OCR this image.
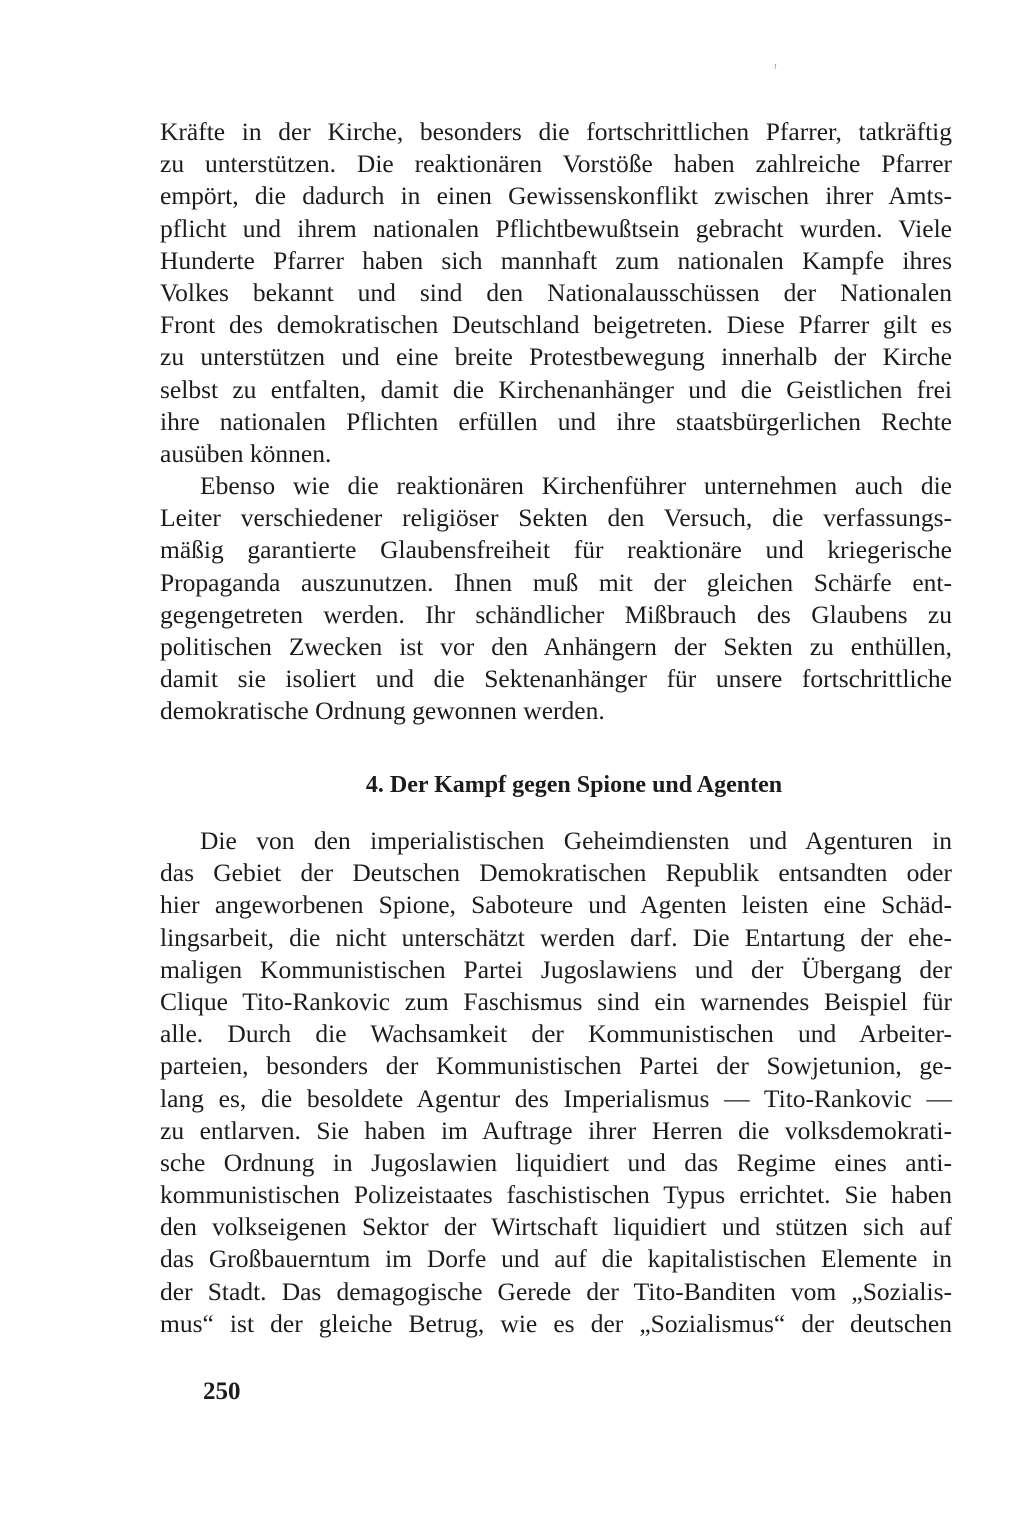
ᶦ
Kräfte in der Kirche, besonders die fortschrittlichen Pfarrer, tatkräftig
zu unterstützen. Die reaktionären Vorstöße haben zahlreiche Pfarrer
empört, die dadurch in einen Gewissenskonflikt zwischen ihrer Amts-
pflicht und ihrem nationalen Pflichtbewußtsein gebracht wurden. Viele
Hunderte Pfarrer haben sich mannhaft zum nationalen Kampfe ihres
Volkes bekannt und sind den Nationalausschüssen der Nationalen
Front des demokratischen Deutschland beigetreten. Diese Pfarrer gilt es
zu unterstützen und eine breite Protestbewegung innerhalb der Kirche
selbst zu entfalten, damit die Kirchenanhänger und die Geistlichen frei
ihre nationalen Pflichten erfüllen und ihre staatsbürgerlichen Rechte
ausüben können.
Ebenso wie die reaktionären Kirchenführer unternehmen auch die
Leiter verschiedener religiöser Sekten den Versuch, die verfassungs-
mäßig garantierte Glaubensfreiheit für reaktionäre und kriegerische
Propaganda auszunutzen. Ihnen muß mit der gleichen Schärfe ent-
gegengetreten werden. Ihr schändlicher Mißbrauch des Glaubens zu
politischen Zwecken ist vor den Anhängern der Sekten zu enthüllen,
damit sie isoliert und die Sektenanhänger für unsere fortschrittliche
demokratische Ordnung gewonnen werden.
4. Der Kampf gegen Spione und Agenten
Die von den imperialistischen Geheimdiensten und Agenturen in
das Gebiet der Deutschen Demokratischen Republik entsandten oder
hier angeworbenen Spione, Saboteure und Agenten leisten eine Schäd-
lingsarbeit, die nicht unterschätzt werden darf. Die Entartung der ehe-
maligen Kommunistischen Partei Jugoslawiens und der Übergang der
Clique Tito-Rankovic zum Faschismus sind ein warnendes Beispiel für
alle. Durch die Wachsamkeit der Kommunistischen und Arbeiter-
parteien, besonders der Kommunistischen Partei der Sowjetunion, ge-
lang es, die besoldete Agentur des Imperialismus — Tito-Rankovic —
zu entlarven. Sie haben im Auftrage ihrer Herren die volksdemokrati-
sche Ordnung in Jugoslawien liquidiert und das Regime eines anti-
kommunistischen Polizeistaates faschistischen Typus errichtet. Sie haben
den volkseigenen Sektor der Wirtschaft liquidiert und stützen sich auf
das Großbauerntum im Dorfe und auf die kapitalistischen Elemente in
der Stadt. Das demagogische Gerede der Tito-Banditen vom „Sozialis-
mus“ ist der gleiche Betrug, wie es der „Sozialismus“ der deutschen
250
